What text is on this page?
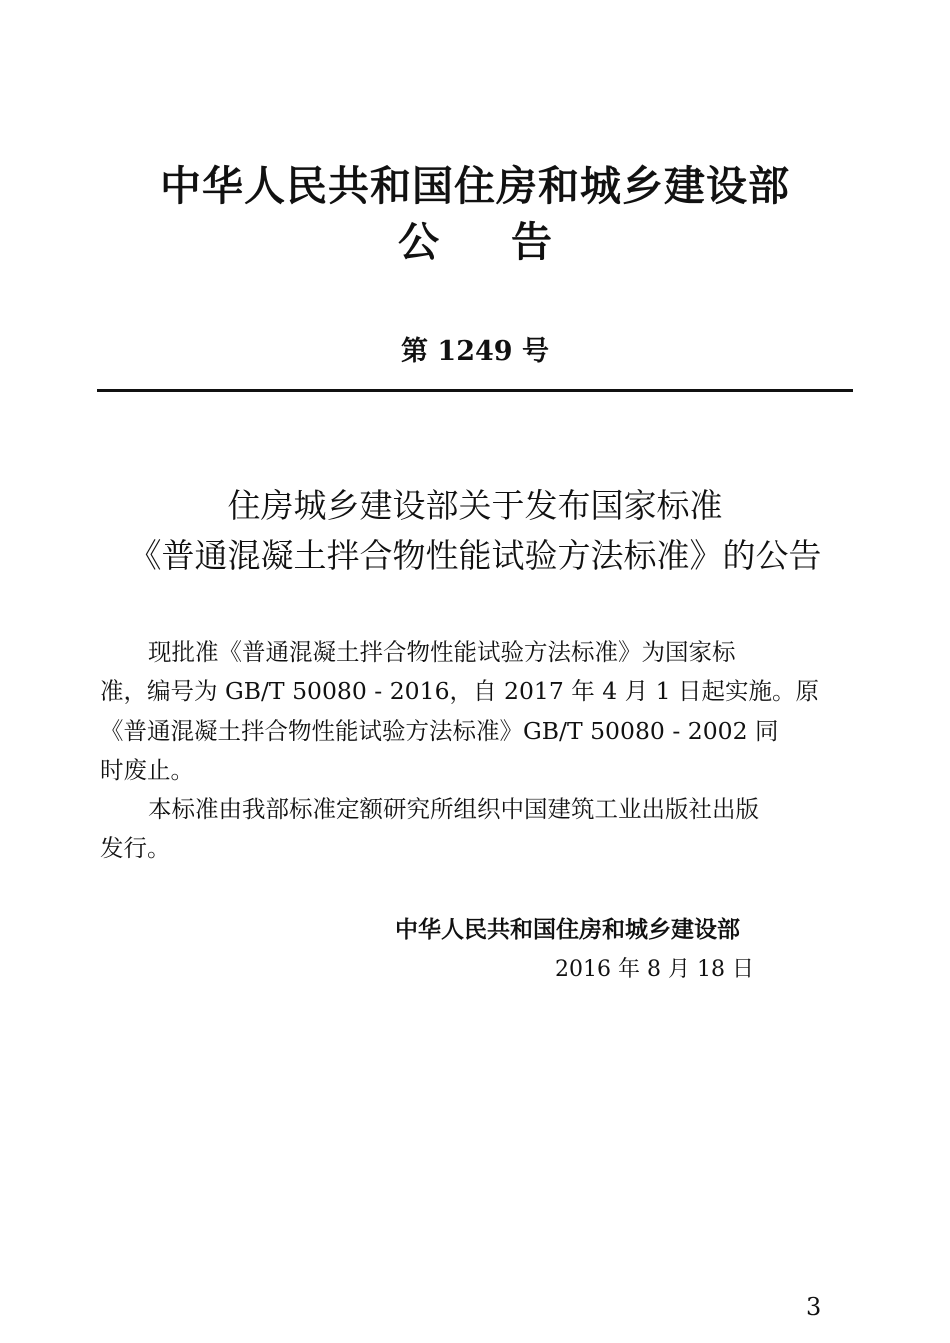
中华人民共和国住房和城乡建设部
公 告
第 1249 号
住房城乡建设部关于发布国家标准
《普通混凝土拌合物性能试验方法标准》的公告
现批准《普通混凝土拌合物性能试验方法标准》为国家标
准，编号为 GB/T 50080 - 2016，自 2017 年 4 月 1 日起实施。原
《普通混凝土拌合物性能试验方法标准》GB/T 50080 - 2002 同
时废止。
本标准由我部标准定额研究所组织中国建筑工业出版社出版
发行。
中华人民共和国住房和城乡建设部
2016 年 8 月 18 日
3
